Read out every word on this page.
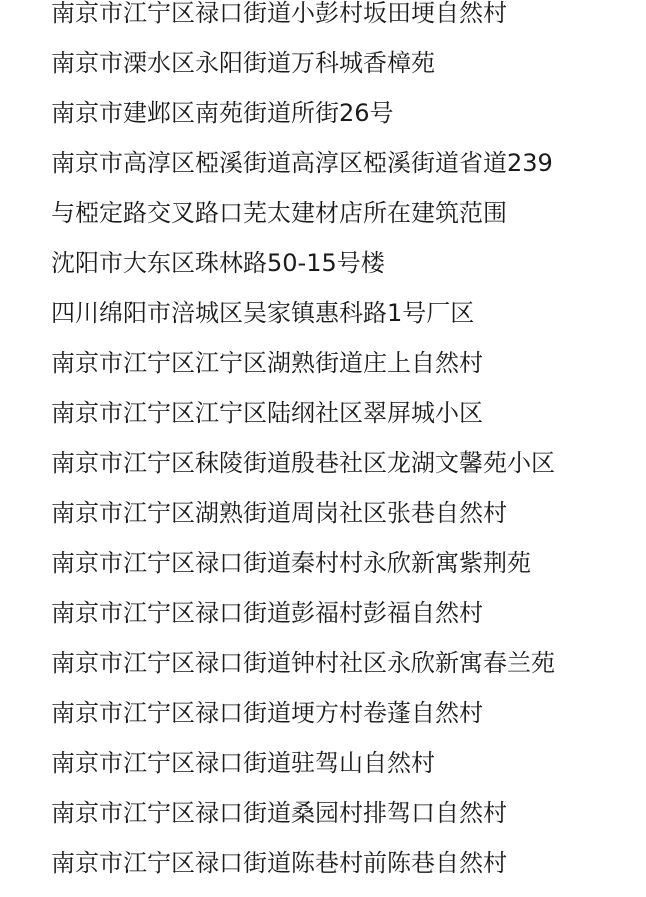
南京市江宁区禄口街道小彭村坂田埂自然村
南京市溧水区永阳街道万科城香樟苑
南京市建邺区南苑街道所街26号
南京市高淳区椏溪街道高淳区椏溪街道省道239
与椏定路交叉路口芜太建材店所在建筑范围
沈阳市大东区珠林路50-15号楼
四川绵阳市涪城区吴家镇惠科路1号厂区
南京市江宁区江宁区湖熟街道庄上自然村
南京市江宁区江宁区陆纲社区翠屏城小区
南京市江宁区秣陵街道殷巷社区龙湖文馨苑小区
南京市江宁区湖熟街道周岗社区张巷自然村
南京市江宁区禄口街道秦村村永欣新寓紫荆苑
南京市江宁区禄口街道彭福村彭福自然村
南京市江宁区禄口街道钟村社区永欣新寓春兰苑
南京市江宁区禄口街道埂方村卷蓬自然村
南京市江宁区禄口街道驻驾山自然村
南京市江宁区禄口街道桑园村排驾口自然村
南京市江宁区禄口街道陈巷村前陈巷自然村
